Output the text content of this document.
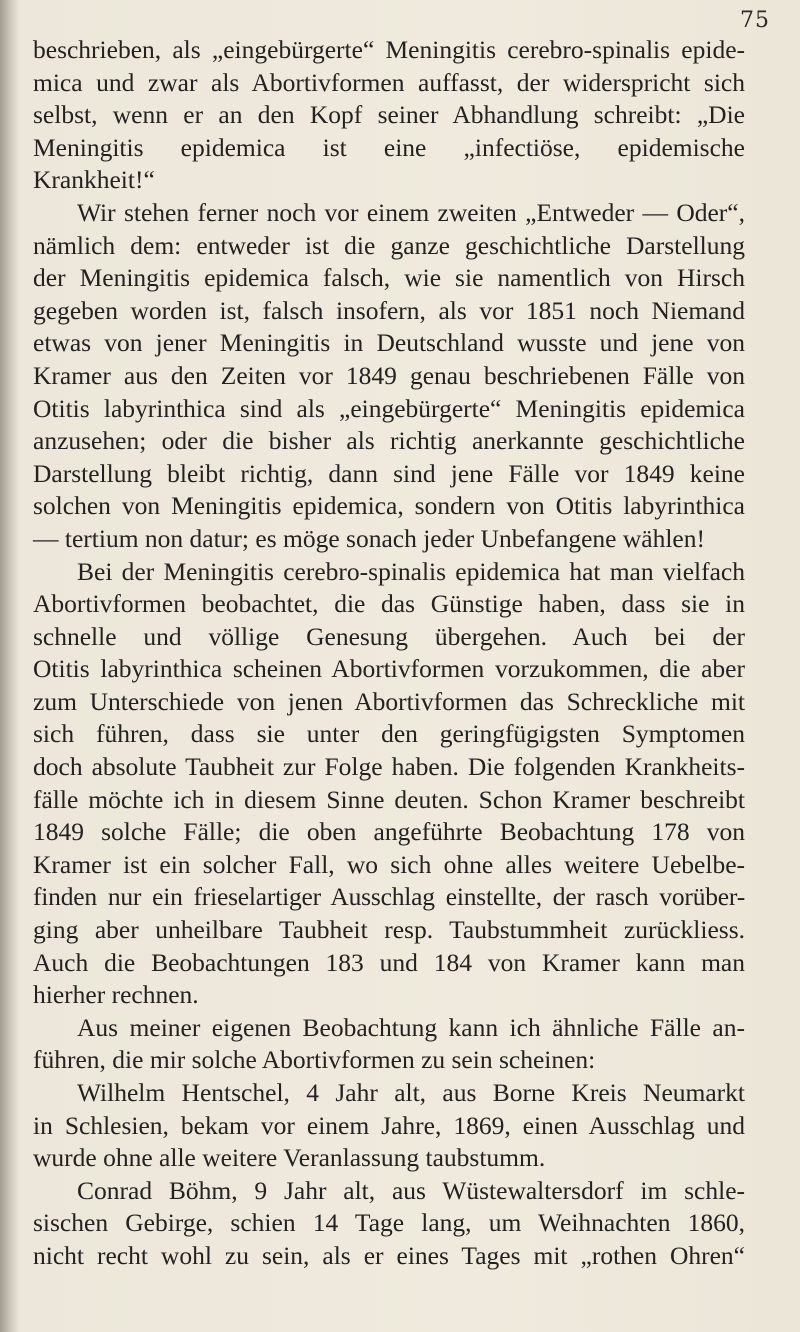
75
beschrieben, als „eingebürgerte“ Meningitis cerebro-spinalis epide-
mica und zwar als Abortivformen auffasst, der widerspricht sich
selbst, wenn er an den Kopf seiner Abhandlung schreibt: „Die
Meningitis epidemica ist eine „infectiöse, epidemische
Krankheit!“
Wir stehen ferner noch vor einem zweiten „Entweder — Oder“,
nämlich dem: entweder ist die ganze geschichtliche Darstellung
der Meningitis epidemica falsch, wie sie namentlich von Hirsch
gegeben worden ist, falsch insofern, als vor 1851 noch Niemand
etwas von jener Meningitis in Deutschland wusste und jene von
Kramer aus den Zeiten vor 1849 genau beschriebenen Fälle von
Otitis labyrinthica sind als „eingebürgerte“ Meningitis epidemica
anzusehen; oder die bisher als richtig anerkannte geschichtliche
Darstellung bleibt richtig, dann sind jene Fälle vor 1849 keine
solchen von Meningitis epidemica, sondern von Otitis labyrinthica
— tertium non datur; es möge sonach jeder Unbefangene wählen!
Bei der Meningitis cerebro-spinalis epidemica hat man vielfach
Abortivformen beobachtet, die das Günstige haben, dass sie in
schnelle und völlige Genesung übergehen. Auch bei der
Otitis labyrinthica scheinen Abortivformen vorzukommen, die aber
zum Unterschiede von jenen Abortivformen das Schreckliche mit
sich führen, dass sie unter den geringfügigsten Symptomen
doch absolute Taubheit zur Folge haben. Die folgenden Krankheits-
fälle möchte ich in diesem Sinne deuten. Schon Kramer beschreibt
1849 solche Fälle; die oben angeführte Beobachtung 178 von
Kramer ist ein solcher Fall, wo sich ohne alles weitere Uebelbe-
finden nur ein frieselartiger Ausschlag einstellte, der rasch vorüber-
ging aber unheilbare Taubheit resp. Taubstummheit zurückliess.
Auch die Beobachtungen 183 und 184 von Kramer kann man
hierher rechnen.
Aus meiner eigenen Beobachtung kann ich ähnliche Fälle an-
führen, die mir solche Abortivformen zu sein scheinen:
Wilhelm Hentschel, 4 Jahr alt, aus Borne Kreis Neumarkt
in Schlesien, bekam vor einem Jahre, 1869, einen Ausschlag und
wurde ohne alle weitere Veranlassung taubstumm.
Conrad Böhm, 9 Jahr alt, aus Wüstewaltersdorf im schle-
sischen Gebirge, schien 14 Tage lang, um Weihnachten 1860,
nicht recht wohl zu sein, als er eines Tages mit „rothen Ohren“
